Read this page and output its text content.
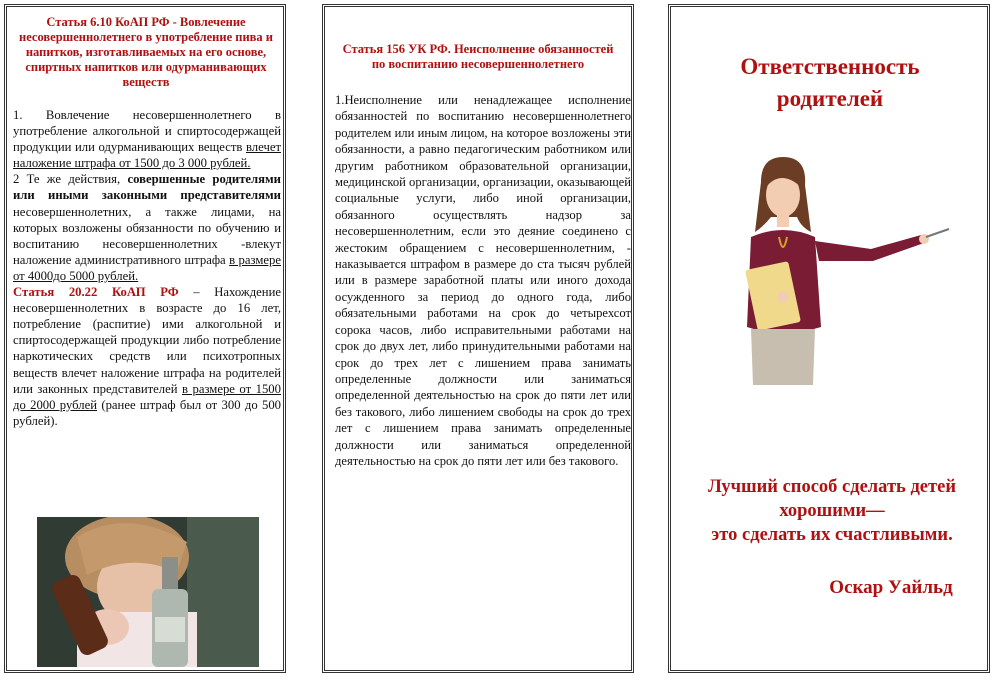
Статья 6.10 КоАП РФ - Вовлечение несовершеннолетнего в употребление пива и напитков, изготавливаемых на его основе, спиртных напитков или одурманивающих веществ

1. Вовлечение несовершеннолетнего в употребление алкогольной и спиртосодержащей продукции или одурманивающих веществ влечет наложение штрафа от 1500 до 3 000 рублей.

2 Те же действия, совершенные родителями или иными законными представителями несовершеннолетних, а также лицами, на которых возложены обязанности по обучению и воспитанию несовершеннолетних -влекут наложение административного штрафа в размере от 4000до 5000 рублей.

Статья 20.22 КоАП РФ – Нахождение несовершеннолетних в возрасте до 16 лет, потребление (распитие) ими алкогольной и спиртосодержащей продукции либо потребление наркотических средств или психотропных веществ влечет наложение штрафа на родителей или законных представителей в размере от 1500 до 2000 рублей (ранее штраф был от 300 до 500 рублей).

Статья 156 УК РФ. Неисполнение обязанностей по воспитанию несовершеннолетнего

1.Неисполнение или ненадлежащее исполнение обязанностей по воспитанию несовершеннолетнего родителем или иным лицом, на которое возложены эти обязанности, а равно педагогическим работником или другим работником образовательной организации, медицинской организации, организации, оказывающей социальные услуги, либо иной организации, обязанного осуществлять надзор за несовершеннолетним, если это деяние соединено с жестоким обращением с несовершеннолетним, - наказывается штрафом в размере до ста тысяч рублей или в размере заработной платы или иного дохода осужденного за период до одного года, либо обязательными работами на срок до четырехсот сорока часов, либо исправительными работами на срок до двух лет, либо принудительными работами на срок до трех лет с лишением права занимать определенные должности или заниматься определенной деятельностью на срок до пяти лет или без такового, либо лишением свободы на срок до трех лет с лишением права занимать определенные должности или заниматься определенной деятельностью на срок до пяти лет или без такового.

Ответственность
родителей

Лучший способ сделать детей
хорошими—
это сделать их счастливыми.

Оскар Уайльд
